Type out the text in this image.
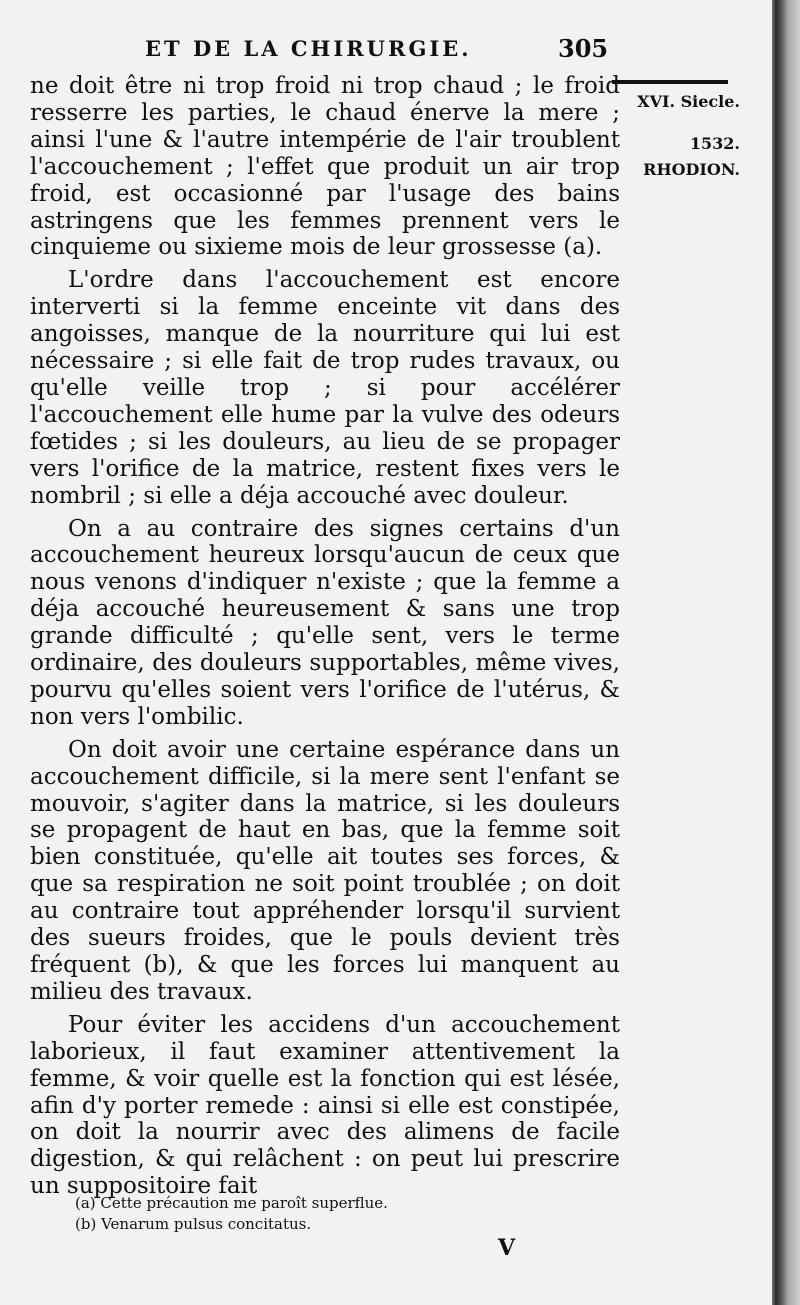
ET DE LA CHIRURGIE.	305
XVI. Siecle.
1532.
RHODION.

ne doit être ni trop froid ni trop chaud ; le froid resserre les parties, le chaud énerve la mere ; ainsi l'une & l'autre intempérie de l'air troublent l'accouchement ; l'effet que produit un air trop froid, est occasionné par l'usage des bains astringens que les femmes prennent vers le cinquieme ou sixieme mois de leur grossesse (a).

L'ordre dans l'accouchement est encore interverti si la femme enceinte vit dans des angoisses, manque de la nourriture qui lui est nécessaire ; si elle fait de trop rudes travaux, ou qu'elle veille trop ; si pour accélérer l'accouchement elle hume par la vulve des odeurs fœtides ; si les douleurs, au lieu de se propager vers l'orifice de la matrice, restent fixes vers le nombril ; si elle a déja accouché avec douleur.

On a au contraire des signes certains d'un accouchement heureux lorsqu'aucun de ceux que nous venons d'indiquer n'existe ; que la femme a déja accouché heureusement & sans une trop grande difficulté ; qu'elle sent, vers le terme ordinaire, des douleurs supportables, même vives, pourvu qu'elles soient vers l'orifice de l'utérus, & non vers l'ombilic.

On doit avoir une certaine espérance dans un accouchement difficile, si la mere sent l'enfant se mouvoir, s'agiter dans la matrice, si les douleurs se propagent de haut en bas, que la femme soit bien constituée, qu'elle ait toutes ses forces, & que sa respiration ne soit point troublée ; on doit au contraire tout appréhender lorsqu'il survient des sueurs froides, que le pouls devient très fréquent (b), & que les forces lui manquent au milieu des travaux.

Pour éviter les accidens d'un accouchement laborieux, il faut examiner attentivement la femme, & voir quelle est la fonction qui est lésée, afin d'y porter remede : ainsi si elle est constipée, on doit la nourrir avec des alimens de facile digestion, & qui relâchent : on peut lui prescrire un suppositoire fait

(a) Cette précaution me paroît superflue.
(b) Venarum pulsus concitatus.
V
